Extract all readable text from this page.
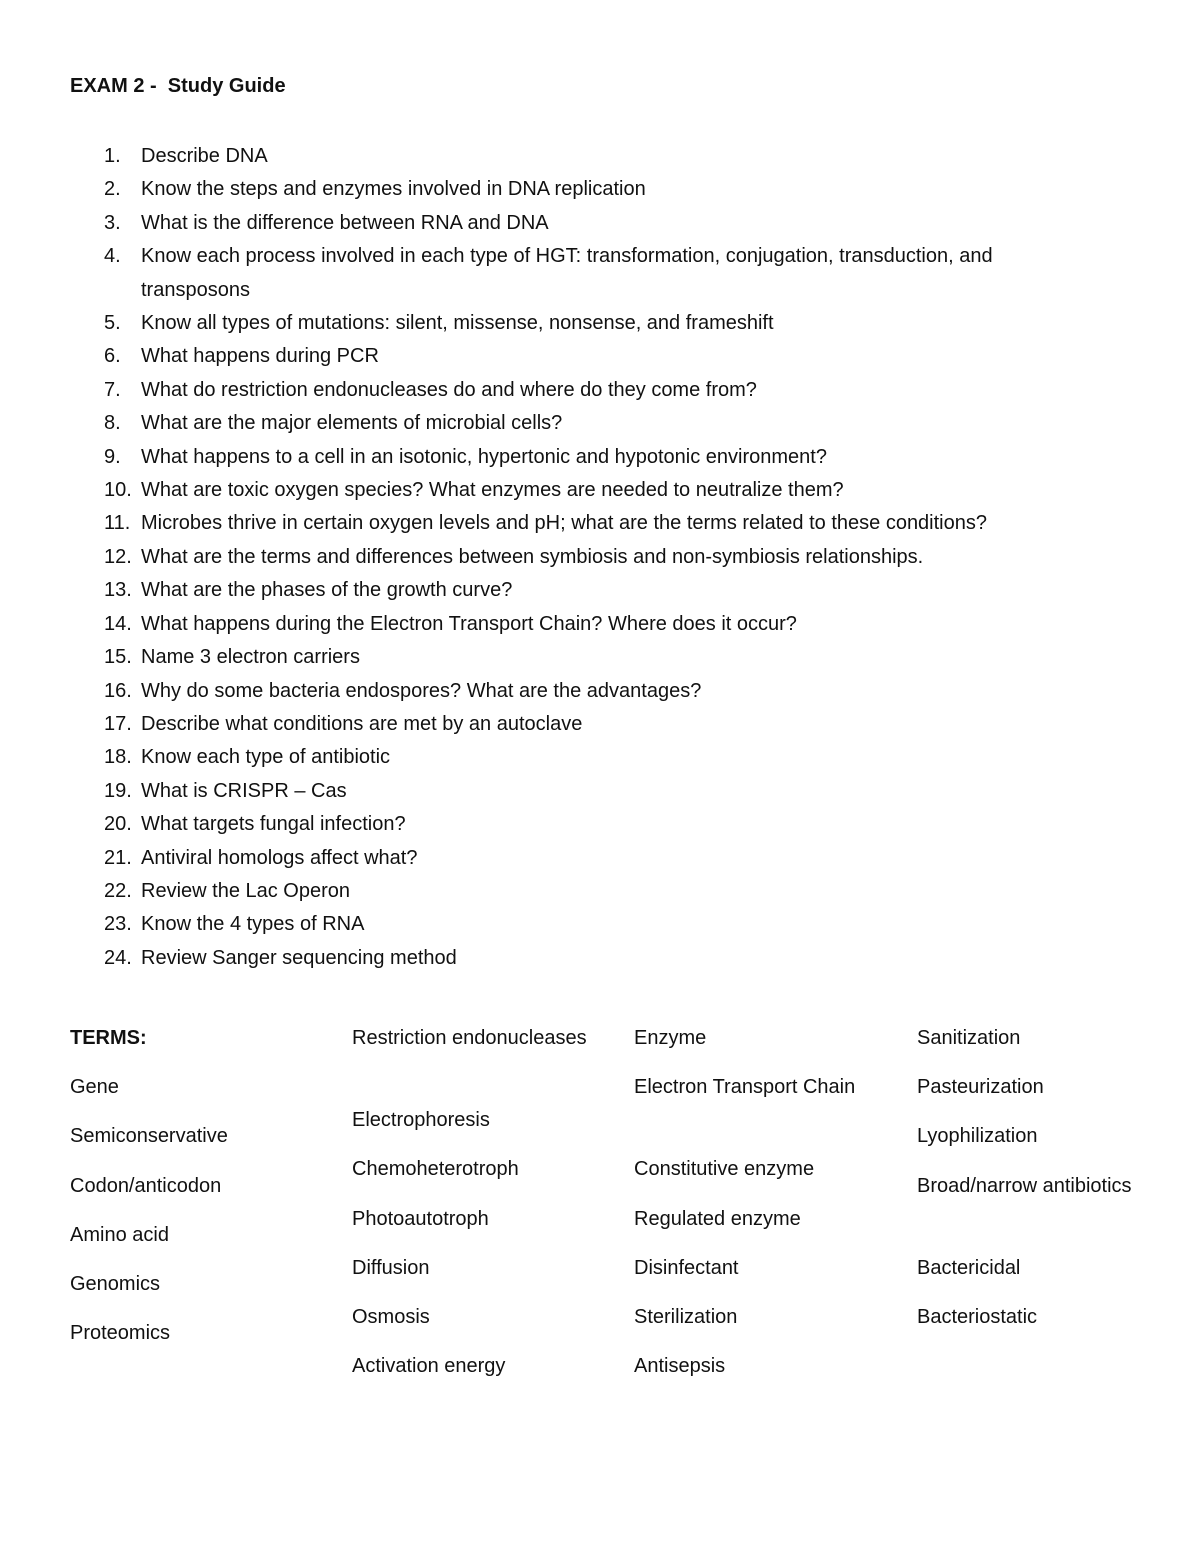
EXAM 2 -  Study Guide
1. Describe DNA
2. Know the steps and enzymes involved in DNA replication
3. What is the difference between RNA and DNA
4. Know each process involved in each type of HGT: transformation, conjugation, transduction, and transposons
5. Know all types of mutations: silent, missense, nonsense, and frameshift
6. What happens during PCR
7. What do restriction endonucleases do and where do they come from?
8. What are the major elements of microbial cells?
9. What happens to a cell in an isotonic, hypertonic and hypotonic environment?
10. What are toxic oxygen species? What enzymes are needed to neutralize them?
11. Microbes thrive in certain oxygen levels and pH; what are the terms related to these conditions?
12. What are the terms and differences between symbiosis and non-symbiosis relationships.
13. What are the phases of the growth curve?
14. What happens during the Electron Transport Chain? Where does it occur?
15. Name 3 electron carriers
16. Why do some bacteria endospores? What are the advantages?
17. Describe what conditions are met by an autoclave
18. Know each type of antibiotic
19. What is CRISPR – Cas
20. What targets fungal infection?
21. Antiviral homologs affect what?
22. Review the Lac Operon
23. Know the 4 types of RNA
24. Review Sanger sequencing method
TERMS:
Gene
Semiconservative
Codon/anticodon
Amino acid
Genomics
Proteomics
Restriction endonucleases
Electrophoresis
Chemoheterotroph
Photoautotroph
Diffusion
Osmosis
Activation energy
Enzyme
Electron Transport Chain
Constitutive enzyme
Regulated enzyme
Disinfectant
Sterilization
Antisepsis
Sanitization
Pasteurization
Lyophilization
Broad/narrow antibiotics
Bactericidal
Bacteriostatic
